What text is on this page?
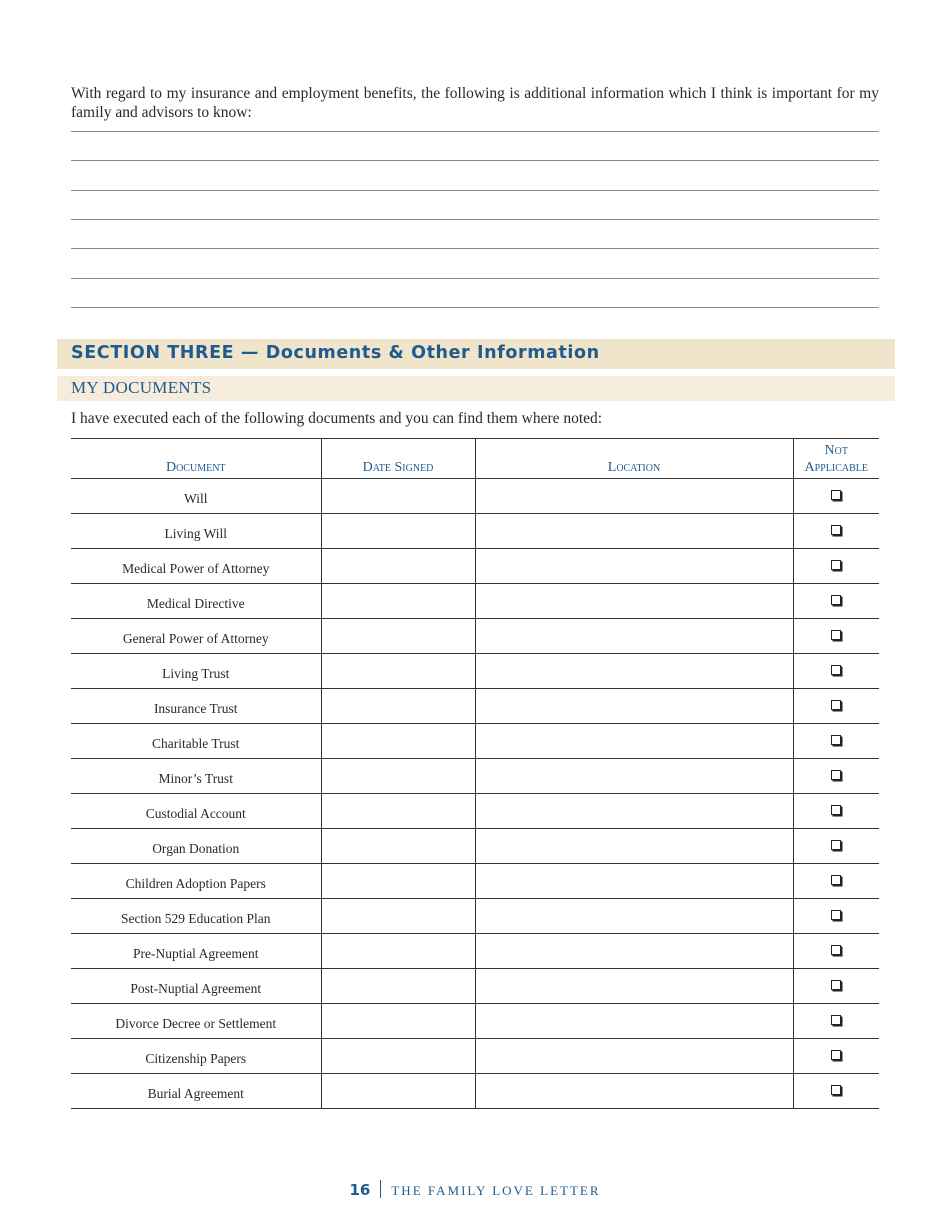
With regard to my insurance and employment benefits, the following is additional information which I think is important for my family and advisors to know:

SECTION THREE — Documents & Other Information
MY DOCUMENTS
I have executed each of the following documents and you can find them where noted:
Document	Date Signed	Location	Not
Applicable
Will			
Living Will			
Medical Power of Attorney			
Medical Directive			
General Power of Attorney			
Living Trust			
Insurance Trust			
Charitable Trust			
Minor’s Trust			
Custodial Account			
Organ Donation			
Children Adoption Papers			
Section 529 Education Plan			
Pre-Nuptial Agreement			
Post-Nuptial Agreement			
Divorce Decree or Settlement			
Citizenship Papers			
Burial Agreement			
16 THE FAMILY LOVE LETTER
